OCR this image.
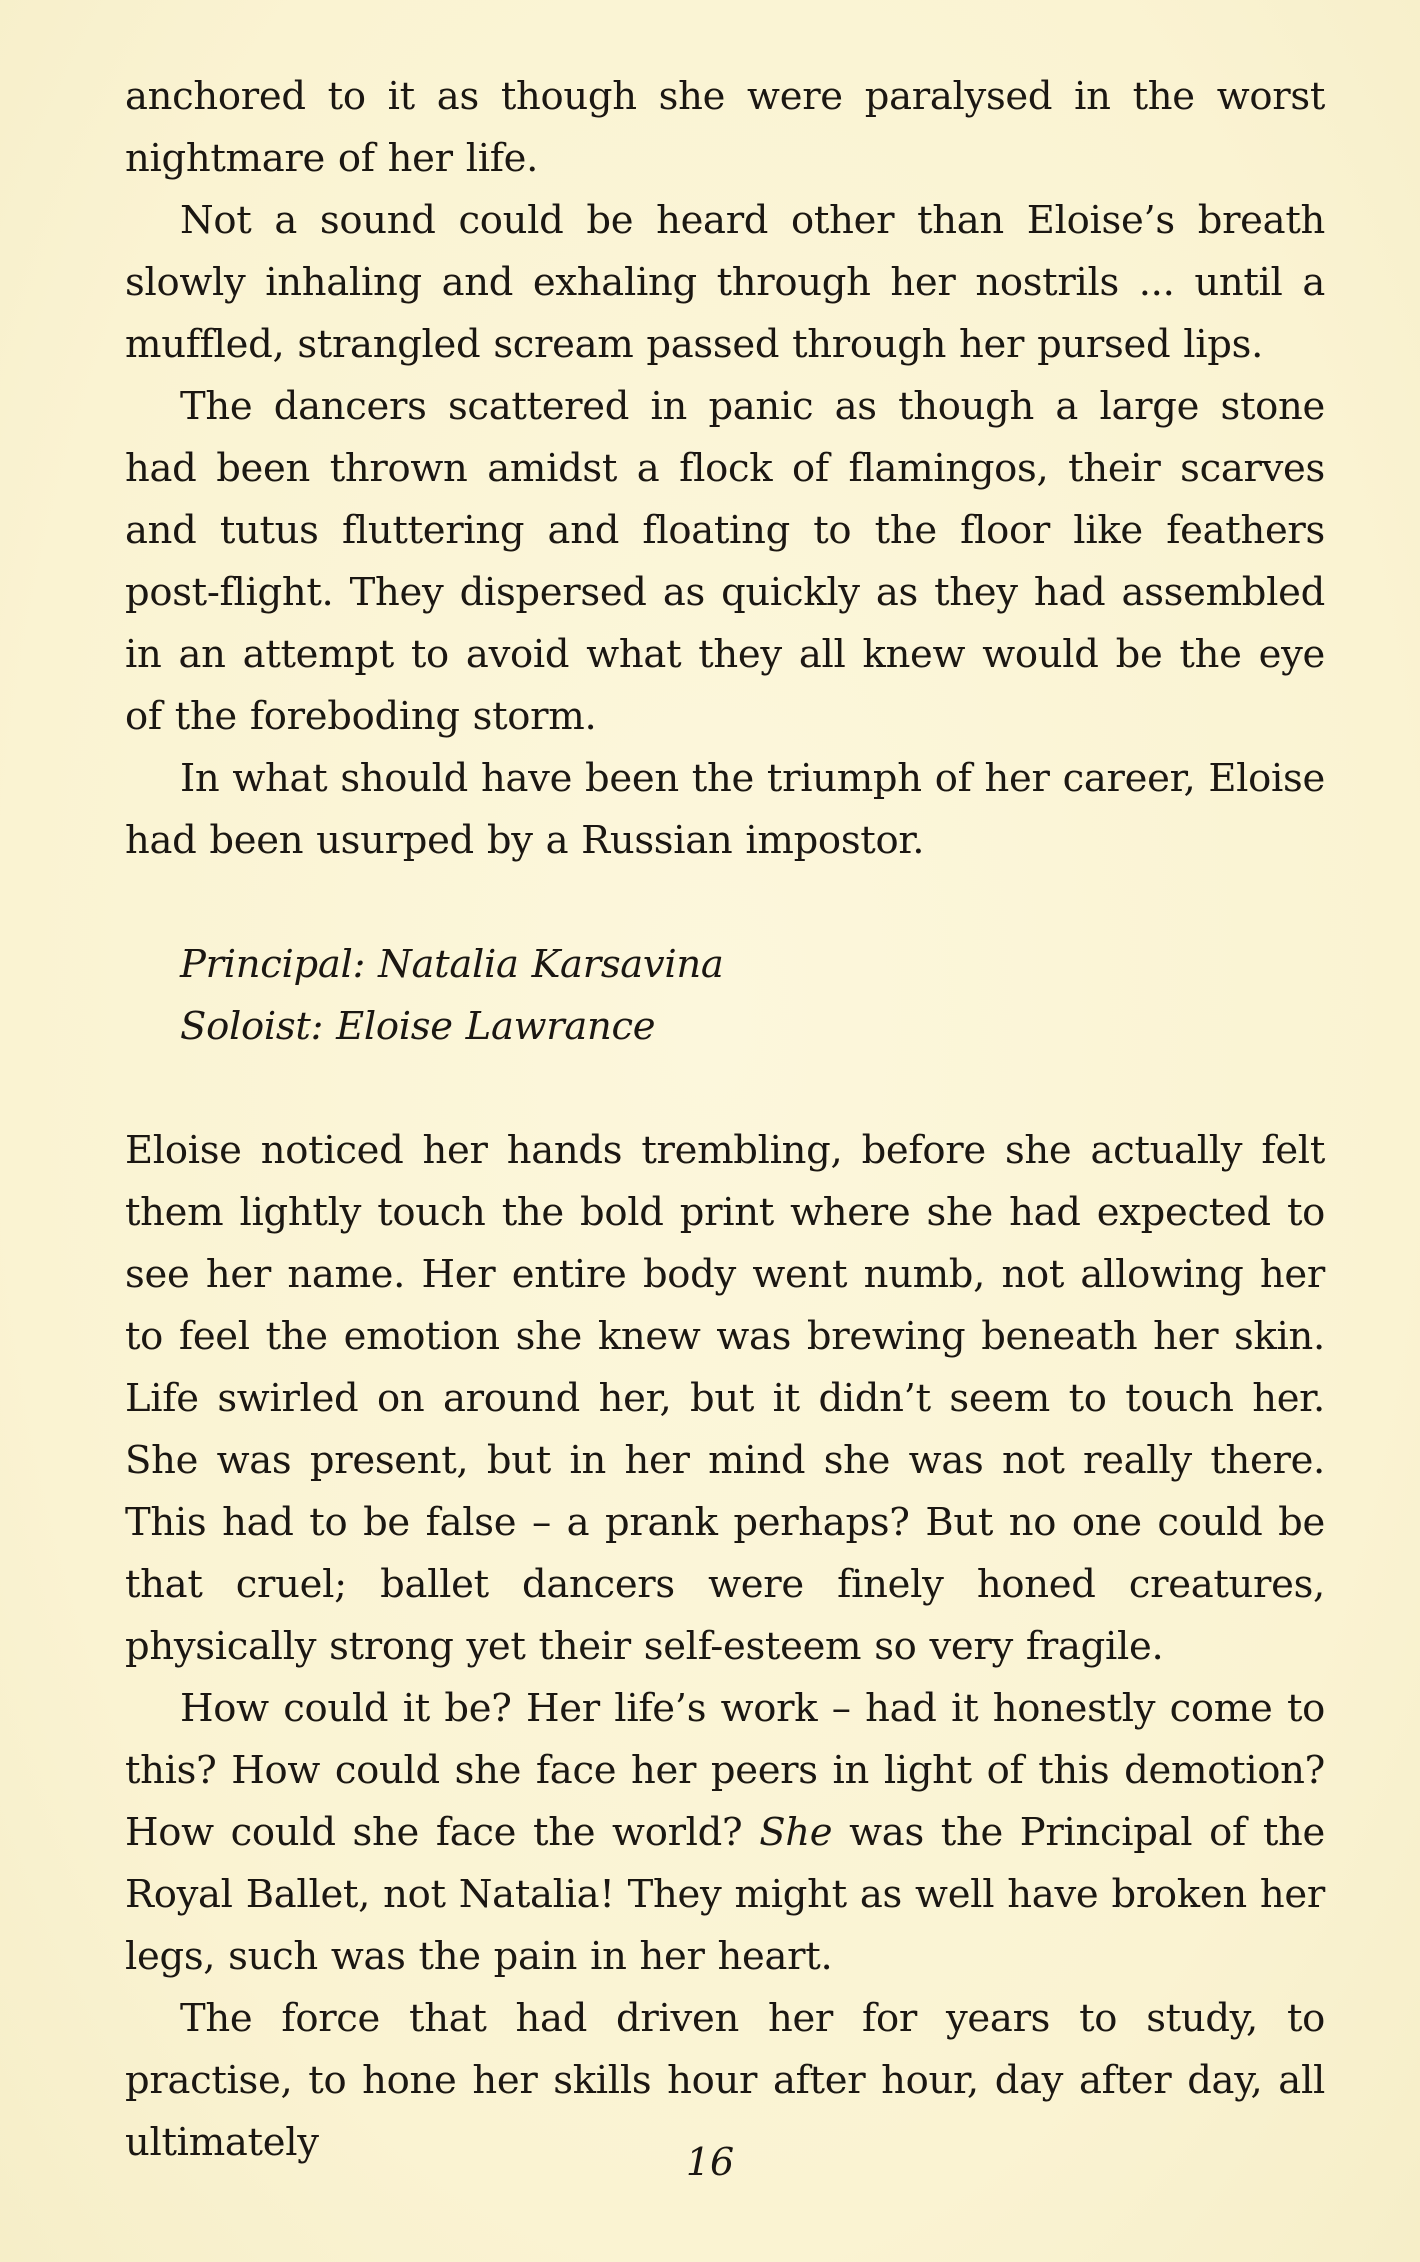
anchored to it as though she were paralysed in the worst nightmare of her life.

Not a sound could be heard other than Eloise’s breath slowly inhaling and exhaling through her nostrils ... until a muffled, strangled scream passed through her pursed lips.

The dancers scattered in panic as though a large stone had been thrown amidst a flock of flamingos, their scarves and tutus fluttering and floating to the floor like feathers post-flight. They dispersed as quickly as they had assembled in an attempt to avoid what they all knew would be the eye of the foreboding storm.

In what should have been the triumph of her career, Eloise had been usurped by a Russian impostor.

Principal: Natalia Karsavina
Soloist: Eloise Lawrance

Eloise noticed her hands trembling, before she actually felt them lightly touch the bold print where she had expected to see her name. Her entire body went numb, not allowing her to feel the emotion she knew was brewing beneath her skin. Life swirled on around her, but it didn’t seem to touch her. She was present, but in her mind she was not really there. This had to be false – a prank perhaps? But no one could be that cruel; ballet dancers were finely honed creatures, physically strong yet their self-esteem so very fragile.

How could it be? Her life’s work – had it honestly come to this? How could she face her peers in light of this demotion? How could she face the world? She was the Principal of the Royal Ballet, not Natalia! They might as well have broken her legs, such was the pain in her heart.

The force that had driven her for years to study, to practise, to hone her skills hour after hour, day after day, all ultimately	16
